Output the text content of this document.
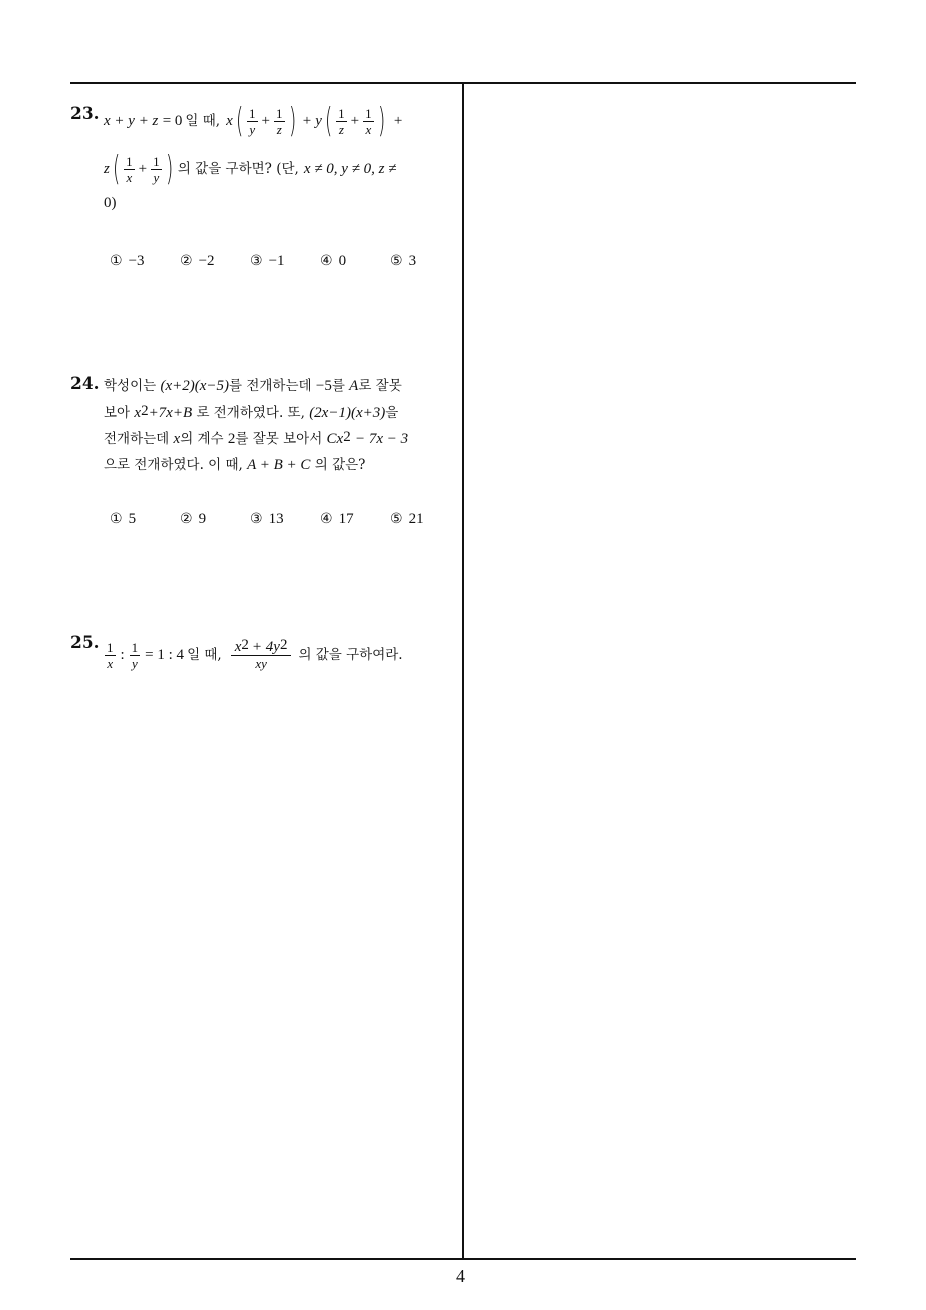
23. x + y + z
= 0 일 때, x ( $\frac{1}{y} + \frac{1}{z}$ ) + y ( $\frac{1}{z} + \frac{1}{x}$ ) +
z ( $\frac{1}{x} + \frac{1}{y}$ ) 의 값을 구하면? (단, x ≠ 0, y ≠ 0, z ≠
0)
① −3	② −2	③ −1	④ 0	⑤ 3
24. 학성이는 (x+2)(x−5)를 전개하는데 −5를 A로 잘못
보아 $x^2+7x+B$ 로 전개하였다. 또, (2x−1)(x+3)을
전개하는데 x의 계수 2를 잘못 보아서 $Cx^2 - 7x - 3$
으로 전개하였다. 이 때, A + B + C 의 값은?
① 5	② 9	③ 13	④ 17	⑤ 21
25. $\frac{1}{x}$ : $\frac{1}{y} = 1$ : 4 일 때, $\frac{x^2 + 4y^2}{xy}$ 의 값을 구하여라.
4
